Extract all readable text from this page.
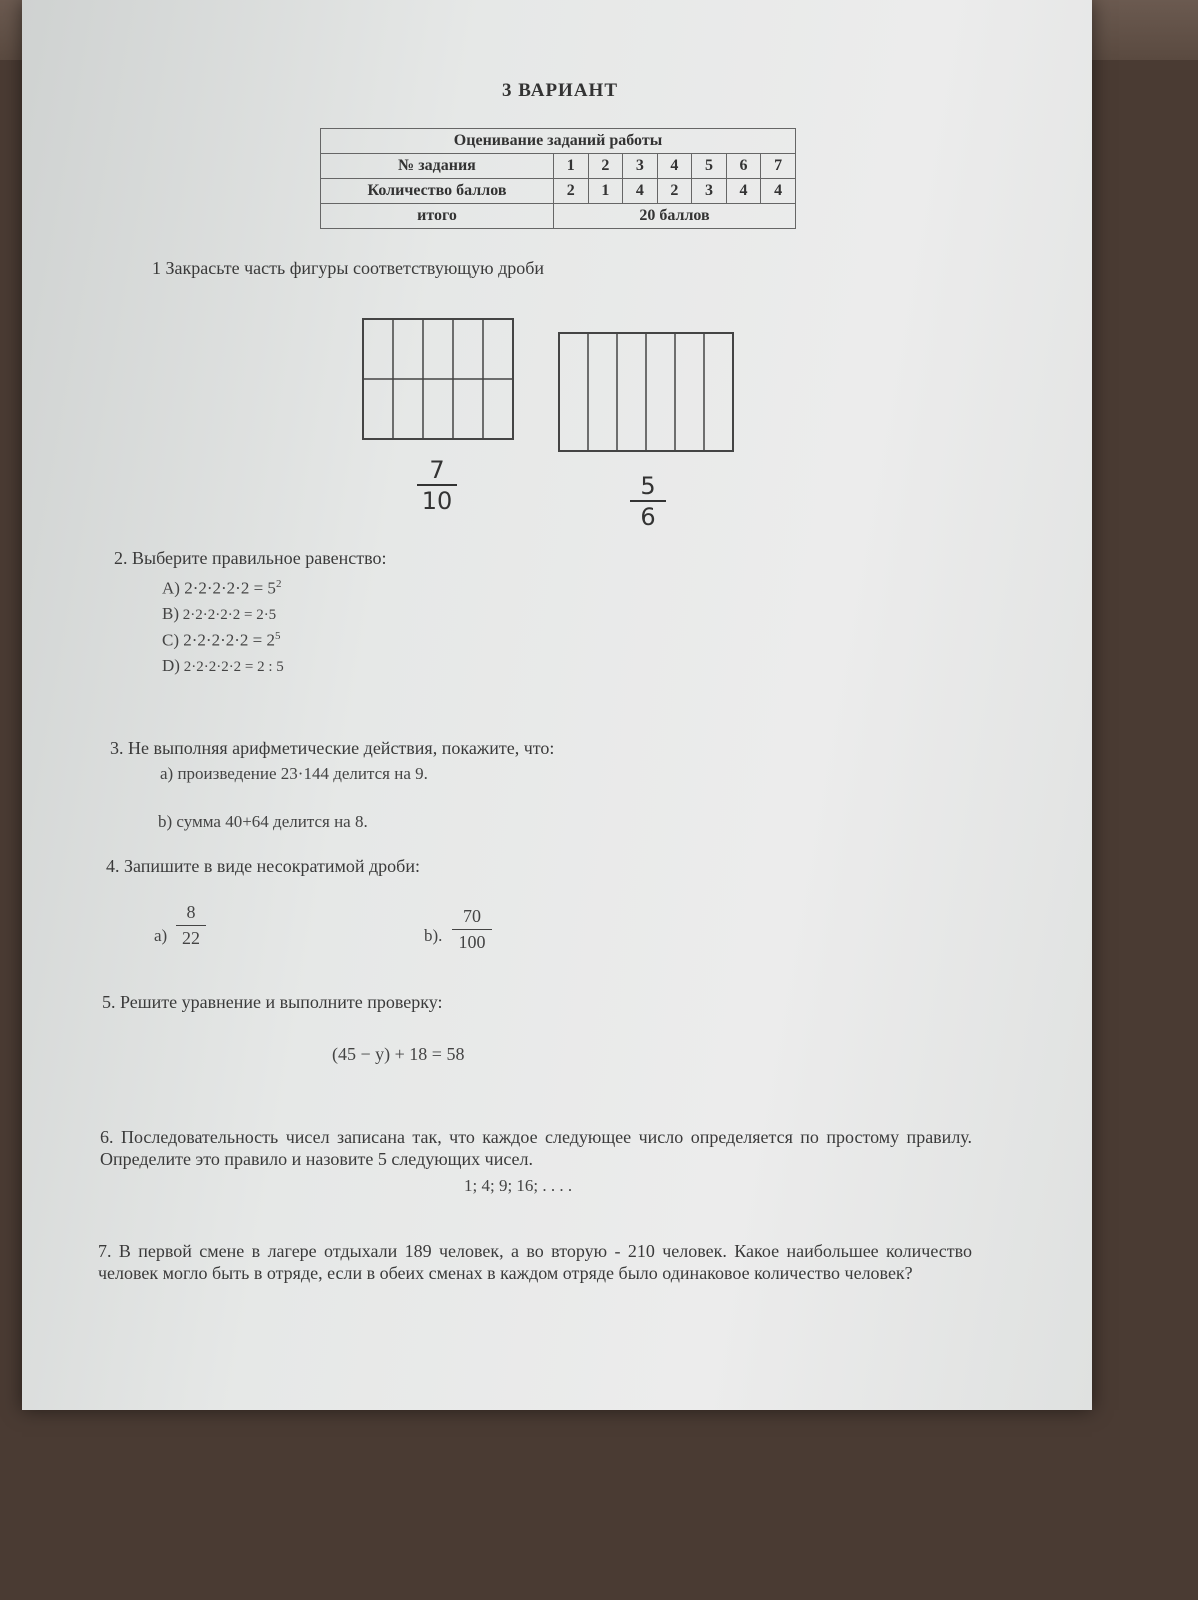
3 ВАРИАНТ
Оценивание заданий работы							
№ задания	1	2	3	4	5	6	7
Количество баллов	2	1	4	2	3	4	4
итого	20 баллов						
1 Закрасьте часть фигуры соответствующую дроби
$\frac{7}{10}$	$\frac{5}{6}$
2. Выберите правильное равенство:
A) $2\cdot 2\cdot 2\cdot 2\cdot 2 = 5^2$
B) 2·2·2·2·2 = 2·5
C) $2\cdot 2\cdot 2\cdot 2\cdot 2 = 2^5$
D) 2·2·2·2·2 = 2 : 5
3. Не выполняя арифметические действия, покажите, что:
a) произведение 23·144 делится на 9.
b) сумма 40+64 делится на 8.
4. Запишите в виде несократимой дроби:
$a) \frac{8}{22}$	b). $\frac{70}{100}$
5. Решите уравнение и выполните проверку:
(45 − y) + 18 = 58
6. Последовательность чисел записана так, что каждое следующее число определяется по простому правилу. Определите это правило и назовите 5 следующих чисел.
1; 4; 9; 16; . . . .
7. В первой смене в лагере отдыхали 189 человек, а во вторую - 210 человек. Какое наибольшее количество человек могло быть в отряде, если в обеих сменах в каждом отряде было одинаковое количество человек?
